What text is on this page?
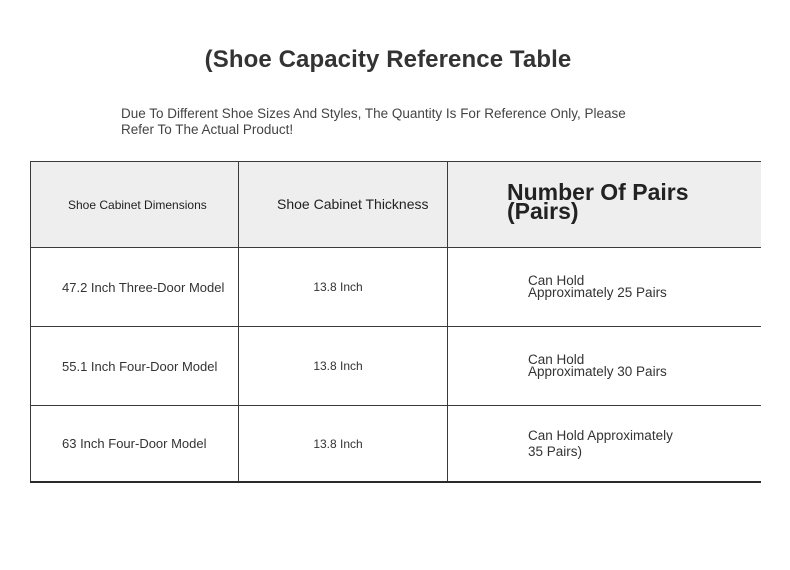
(Shoe Capacity Reference Table
Due To Different Shoe Sizes And Styles, The Quantity Is For Reference Only, Please
Refer To The Actual Product!
Shoe Cabinet Dimensions	Shoe Cabinet Thickness	Number Of Pairs
(Pairs)

47.2 Inch Three-Door Model	13.8 Inch	Can Hold
Approximately 25 Pairs

55.1 Inch Four-Door Model	13.8 Inch	Can Hold
Approximately 30 Pairs

63 Inch Four-Door Model	13.8 Inch	Can Hold Approximately
35 Pairs)
